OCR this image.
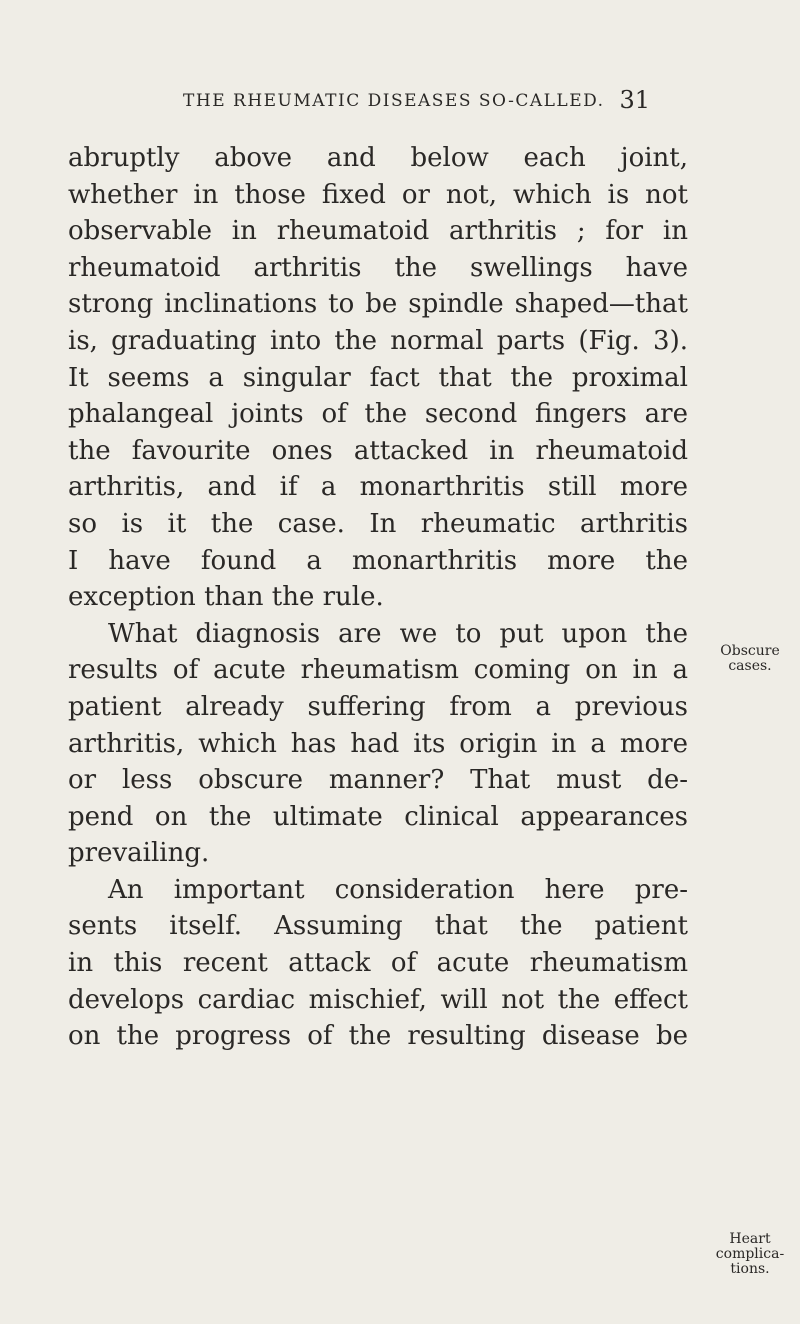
THE RHEUMATIC DISEASES SO-CALLED. 31
abruptly above and below each joint,
whether in those fixed or not, which is not
observable in rheumatoid arthritis ; for in
rheumatoid arthritis the swellings have
strong inclinations to be spindle shaped—that
is, graduating into the normal parts (Fig. 3).
It seems a singular fact that the proximal
phalangeal joints of the second fingers are
the favourite ones attacked in rheumatoid
arthritis, and if a monarthritis still more
so is it the case. In rheumatic arthritis
I have found a monarthritis more the
exception than the rule.
What diagnosis are we to put upon the
results of acute rheumatism coming on in a
patient already suffering from a previous
arthritis, which has had its origin in a more
or less obscure manner? That must de-
pend on the ultimate clinical appearances
prevailing.
An important consideration here pre-
sents itself. Assuming that the patient
in this recent attack of acute rheumatism
develops cardiac mischief, will not the effect
on the progress of the resulting disease be
Obscure
cases.
Heart
complica-
tions.
